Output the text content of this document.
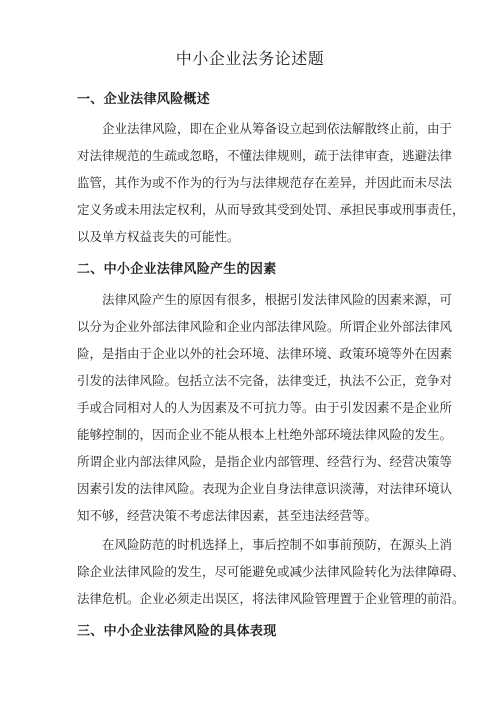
中小企业法务论述题
一、企业法律风险概述
　　企业法律风险，即在企业从筹备设立起到依法解散终止前，由于
对法律规范的生疏或忽略，不懂法律规则，疏于法律审查，逃避法律
监管，其作为或不作为的行为与法律规范存在差异，并因此而未尽法
定义务或未用法定权利，从而导致其受到处罚、承担民事或刑事责任，
以及单方权益丧失的可能性。
二、中小企业法律风险产生的因素
　　法律风险产生的原因有很多，根据引发法律风险的因素来源，可
以分为企业外部法律风险和企业内部法律风险。所谓企业外部法律风
险，是指由于企业以外的社会环境、法律环境、政策环境等外在因素
引发的法律风险。包括立法不完备，法律变迁，执法不公正，竞争对
手或合同相对人的人为因素及不可抗力等。由于引发因素不是企业所
能够控制的，因而企业不能从根本上杜绝外部环境法律风险的发生。
所谓企业内部法律风险，是指企业内部管理、经营行为、经营决策等
因素引发的法律风险。表现为企业自身法律意识淡薄，对法律环境认
知不够，经营决策不考虑法律因素，甚至违法经营等。
　　在风险防范的时机选择上，事后控制不如事前预防，在源头上消
除企业法律风险的发生，尽可能避免或减少法律风险转化为法律障碍、
法律危机。企业必须走出误区，将法律风险管理置于企业管理的前沿。
三、中小企业法律风险的具体表现
